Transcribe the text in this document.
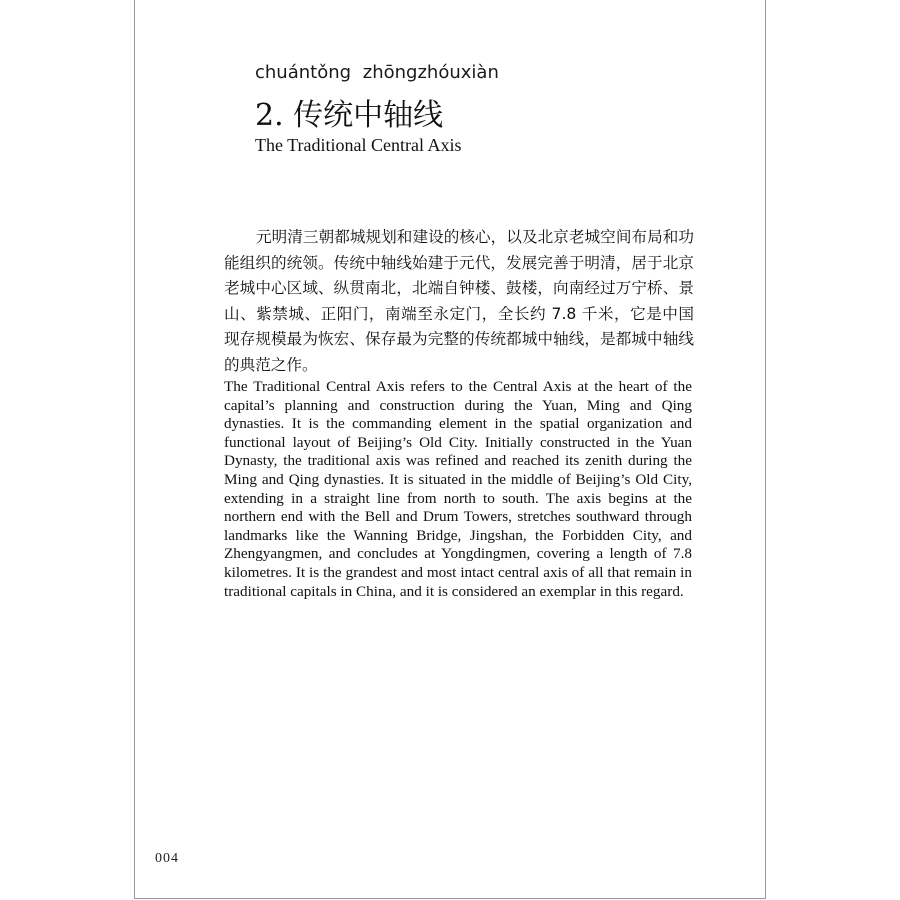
chuántǒng zhōngzhóuxiàn
2. 传统中轴线
The Traditional Central Axis

元明清三朝都城规划和建设的核心，以及北京老城空间布局和功能组织的统领。传统中轴线始建于元代，发展完善于明清，居于北京老城中心区域、纵贯南北，北端自钟楼、鼓楼，向南经过万宁桥、景山、紫禁城、正阳门，南端至永定门，全长约 7.8 千米，它是中国现存规模最为恢宏、保存最为完整的传统都城中轴线，是都城中轴线的典范之作。

The Traditional Central Axis refers to the Central Axis at the heart of the capital’s planning and construction during the Yuan, Ming and Qing dynasties. It is the commanding element in the spatial organization and functional layout of Beijing’s Old City. Initially constructed in the Yuan Dynasty, the traditional axis was refined and reached its zenith during the Ming and Qing dynasties. It is situated in the middle of Beijing’s Old City, extending in a straight line from north to south. The axis begins at the northern end with the Bell and Drum Towers, stretches southward through landmarks like the Wanning Bridge, Jingshan, the Forbidden City, and Zhengyangmen, and concludes at Yongdingmen, covering a length of 7.8 kilometres. It is the grandest and most intact central axis of all that remain in traditional capitals in China, and it is considered an exemplar in this regard.

004
